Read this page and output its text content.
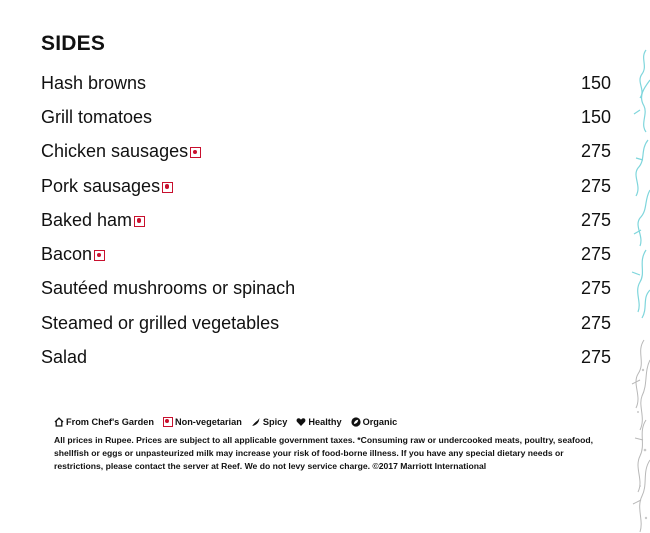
SIDES
Hash browns	150
Grill tomatoes	150
Chicken sausages	275
Pork sausages	275
Baked ham	275
Bacon	275
Sautéed mushrooms or spinach	275
Steamed or grilled vegetables	275
Salad	275
From Chef's Garden Non-vegetarian Spicy Healthy Organic
All prices in Rupee. Prices are subject to all applicable government taxes. *Consuming raw or undercooked meats, poultry, seafood, shellfish or eggs or unpasteurized milk may increase your risk of food-borne illness. If you have any special dietary needs or restrictions, please contact the server at Reef. We do not levy service charge. ©2017 Marriott International
